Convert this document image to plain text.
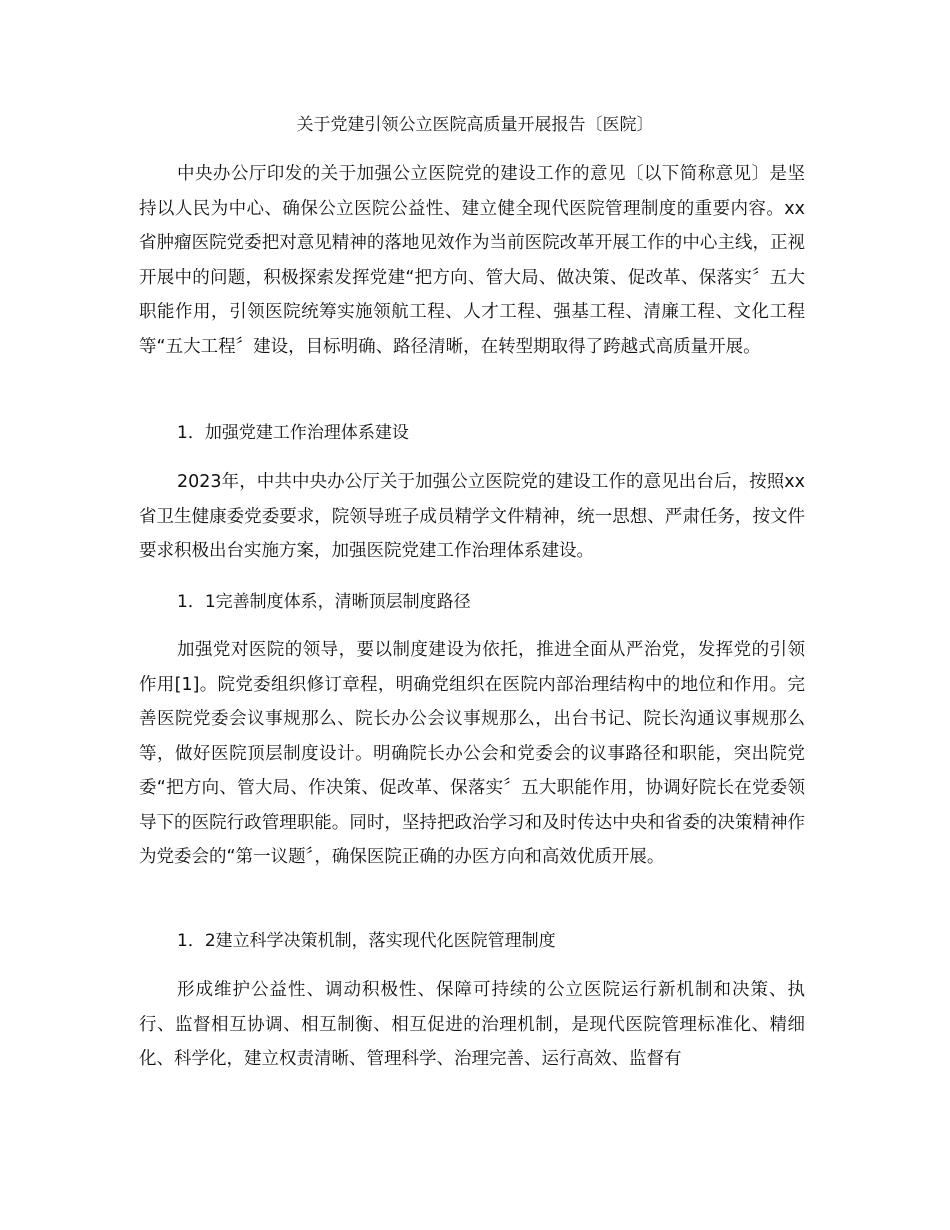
关于党建引领公立医院高质量开展报告〔医院〕

中央办公厅印发的关于加强公立医院党的建设工作的意见〔以下简称意见〕是坚持以人民为中心、确保公立医院公益性、建立健全现代医院管理制度的重要内容。xx省肿瘤医院党委把对意见精神的落地见效作为当前医院改革开展工作的中心主线，正视开展中的问题，积极探索发挥党建“把方向、管大局、做决策、促改革、保落实〞五大职能作用，引领医院统筹实施领航工程、人才工程、强基工程、清廉工程、文化工程等“五大工程〞建设，目标明确、路径清晰，在转型期取得了跨越式高质量开展。

1．加强党建工作治理体系建设

2023年，中共中央办公厅关于加强公立医院党的建设工作的意见出台后，按照xx省卫生健康委党委要求，院领导班子成员精学文件精神，统一思想、严肃任务，按文件要求积极出台实施方案，加强医院党建工作治理体系建设。

1．1完善制度体系，清晰顶层制度路径

加强党对医院的领导，要以制度建设为依托，推进全面从严治党，发挥党的引领作用[1]。院党委组织修订章程，明确党组织在医院内部治理结构中的地位和作用。完善医院党委会议事规那么、院长办公会议事规那么，出台书记、院长沟通议事规那么等，做好医院顶层制度设计。明确院长办公会和党委会的议事路径和职能，突出院党委“把方向、管大局、作决策、促改革、保落实〞五大职能作用，协调好院长在党委领导下的医院行政管理职能。同时，坚持把政治学习和及时传达中央和省委的决策精神作为党委会的“第一议题〞，确保医院正确的办医方向和高效优质开展。

1．2建立科学决策机制，落实现代化医院管理制度

形成维护公益性、调动积极性、保障可持续的公立医院运行新机制和决策、执行、监督相互协调、相互制衡、相互促进的治理机制，是现代医院管理标准化、精细化、科学化，建立权责清晰、管理科学、治理完善、运行高效、监督有
